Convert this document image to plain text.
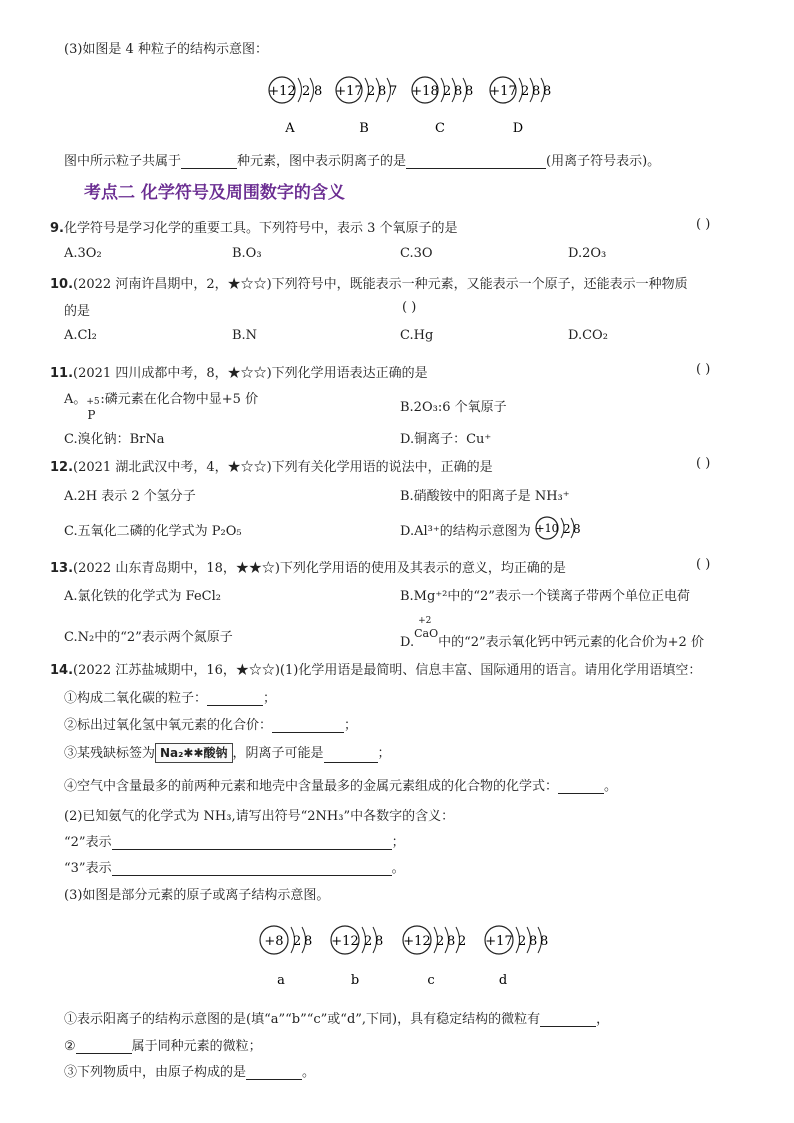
(3)如图是 4 种粒子的结构示意图：
+12 2 8
A
+17 2 8 7
B
+18 2 8 8
C
+17 2 8 8
D
图中所示粒子共属于	种元素，图中表示阴离子的是	(用离子符号表示)。
考点二 化学符号及周围数字的含义
9.化学符号是学习化学的重要工具。下列符号中，表示 3 个氧原子的是	( )
A.3O₂	B.O₃	C.3O	D.2O₃
10.(2022 河南许昌期中，2，★☆☆)下列符号中，既能表示一种元素，又能表示一个原子，还能表示一种物质
的是	( )
A.Cl₂	B.N	C.Hg	D.CO₂
11.(2021 四川成都中考，8，★☆☆)下列化学用语表达正确的是	( )
A。 +5
P
:磷元素在化合物中显+5 价
B.2O₃:6 个氧原子
C.溴化钠：BrNa	D.铜离子：Cu⁺
12.(2021 湖北武汉中考，4，★☆☆)下列有关化学用语的说法中，正确的是	( )
A.2H 表示 2 个氢分子	B.硝酸铵中的阳离子是 NH₃⁺
C.五氧化二磷的化学式为 P₂O₅	D.Al³⁺的结构示意图为 +10 2 8
13.(2022 山东青岛期中，18，★★☆)下列化学用语的使用及其表示的意义，均正确的是	( )
A.氯化铁的化学式为 FeCl₂	B.Mg⁺²中的“2”表示一个镁离子带两个单位正电荷
C.N₂中的“2”表示两个氮原子	D.
+2
CaO
中的“2”表示氧化钙中钙元素的化合价为+2 价
14.(2022 江苏盐城期中，16，★☆☆)(1)化学用语是最简明、信息丰富、国际通用的语言。请用化学用语填空：
①构成二氧化碳的粒子：	；
②标出过氧化氢中氧元素的化合价：	；
③某残缺标签为 Na₂✱✱酸钠 ，阴离子可能是	；
④空气中含量最多的前两种元素和地壳中含量最多的金属元素组成的化合物的化学式：	。
(2)已知氨气的化学式为 NH₃,请写出符号“2NH₃”中各数字的含义：
“2”表示	；
“3”表示	。
(3)如图是部分元素的原子或离子结构示意图。
+8 2 8
a
+12 2 8
b
+12 2 8 2
c
+17 2 8 8
d
①表示阳离子的结构示意图的是(填“a”“b”“c”或“d”,下同)，具有稳定结构的微粒有	，
②	属于同种元素的微粒；
③下列物质中，由原子构成的是	。
